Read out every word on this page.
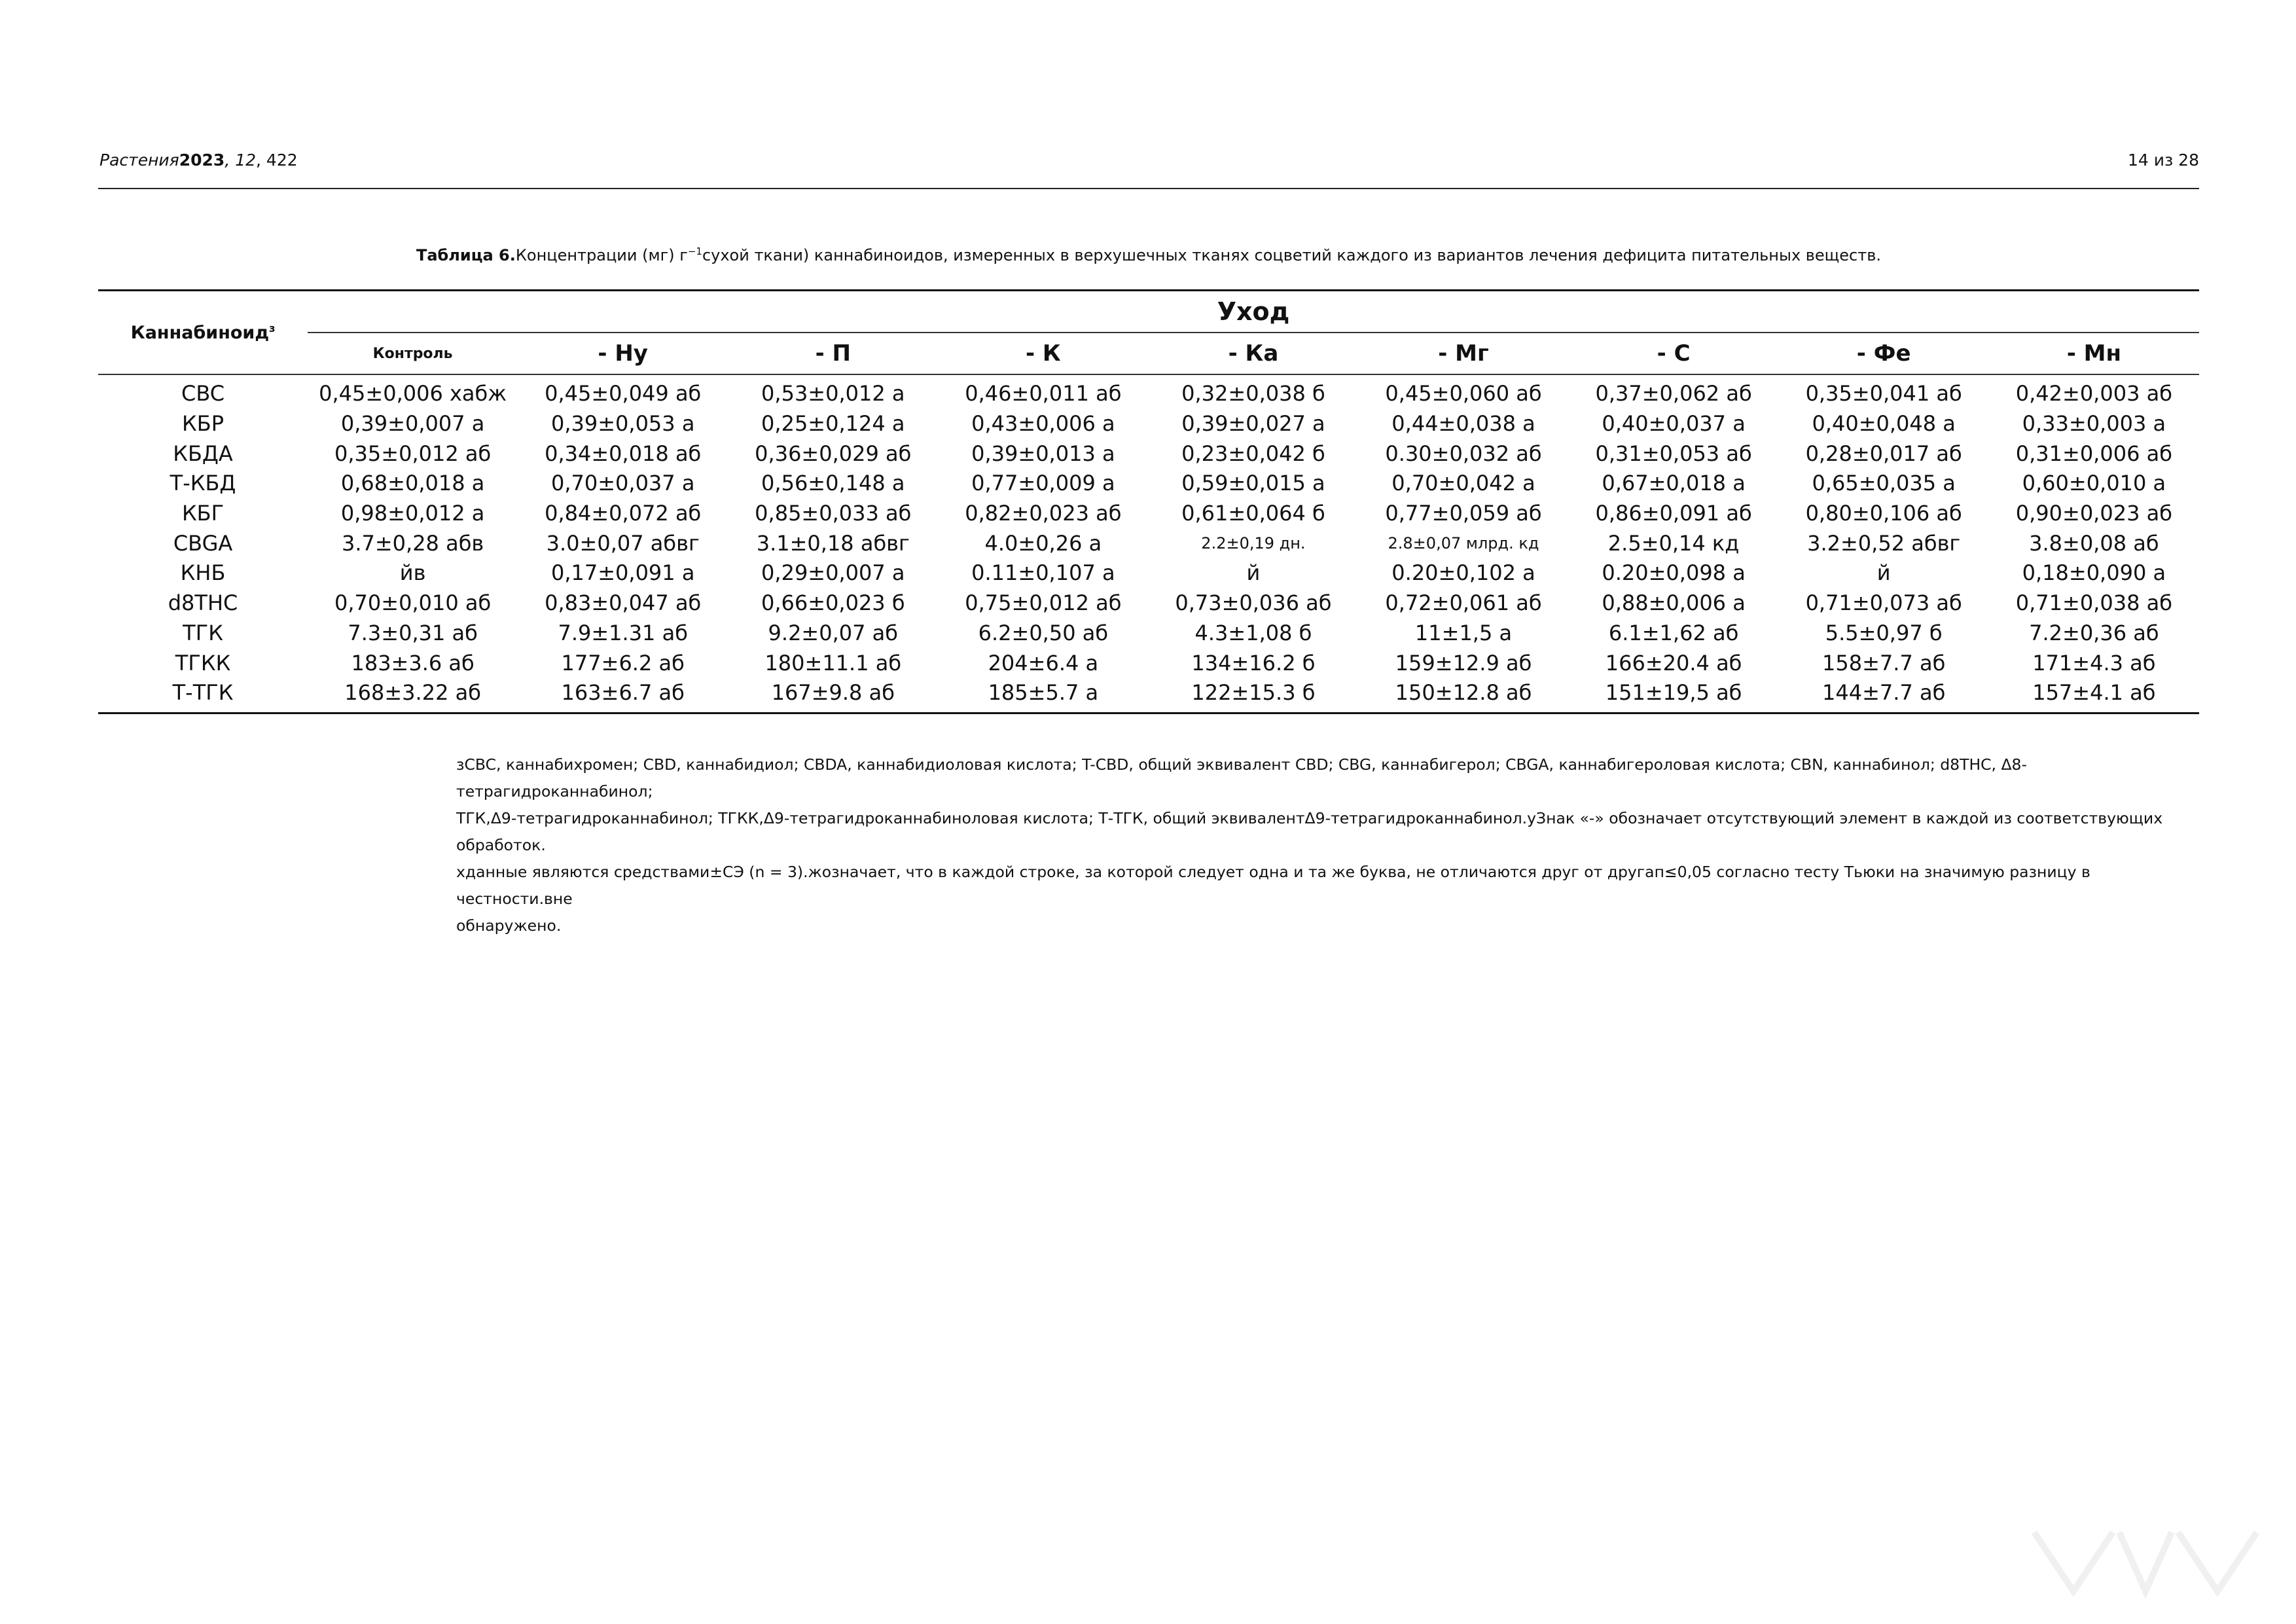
Растения2023, 12, 422	14 из 28
Таблица 6.Концентрации (мг) $г^{-1}сухой$ ткани) каннабиноидов, измеренных в верхушечных тканях соцветий каждого из вариантов лечения дефицита питательных веществ.
Каннабиноид$^з$	Уход								
	Контроль	- Ну	- П	- К	- Ка	- Мг	- С	- Фе	- Мн
CBC	0,45±0,006 хабж	0,45±0,049 аб	0,53±0,012 а	0,46±0,011 аб	0,32±0,038 б	0,45±0,060 аб	0,37±0,062 аб	0,35±0,041 аб	0,42±0,003 аб
КБР	0,39±0,007 а	0,39±0,053 а	0,25±0,124 а	0,43±0,006 а	0,39±0,027 а	0,44±0,038 а	0,40±0,037 а	0,40±0,048 а	0,33±0,003 а
КБДА	0,35±0,012 аб	0,34±0,018 аб	0,36±0,029 аб	0,39±0,013 а	0,23±0,042 б	0.30±0,032 аб	0,31±0,053 аб	0,28±0,017 аб	0,31±0,006 аб
Т-КБД	0,68±0,018 а	0,70±0,037 а	0,56±0,148 а	0,77±0,009 а	0,59±0,015 а	0,70±0,042 а	0,67±0,018 а	0,65±0,035 а	0,60±0,010 а
КБГ	0,98±0,012 а	0,84±0,072 аб	0,85±0,033 аб	0,82±0,023 аб	0,61±0,064 б	0,77±0,059 аб	0,86±0,091 аб	0,80±0,106 аб	0,90±0,023 аб
CBGA	3.7±0,28 абв	3.0±0,07 абвг	3.1±0,18 абвг	4.0±0,26 а	2.2±0,19 дн.	2.8±0,07 млрд. кд	2.5±0,14 кд	3.2±0,52 абвг	3.8±0,08 аб
КНБ	йв	0,17±0,091 а	0,29±0,007 а	0.11±0,107 а	й	0.20±0,102 а	0.20±0,098 а	й	0,18±0,090 а
d8THC	0,70±0,010 аб	0,83±0,047 аб	0,66±0,023 б	0,75±0,012 аб	0,73±0,036 аб	0,72±0,061 аб	0,88±0,006 а	0,71±0,073 аб	0,71±0,038 аб
ТГК	7.3±0,31 аб	7.9±1.31 аб	9.2±0,07 аб	6.2±0,50 аб	4.3±1,08 б	11±1,5 а	6.1±1,62 аб	5.5±0,97 б	7.2±0,36 аб
ТГКК	183±3.6 аб	177±6.2 аб	180±11.1 аб	204±6.4 а	134±16.2 б	159±12.9 аб	166±20.4 аб	158±7.7 аб	171±4.3 аб
Т-ТГК	168±3.22 аб	163±6.7 аб	167±9.8 аб	185±5.7 а	122±15.3 б	150±12.8 аб	151±19,5 аб	144±7.7 аб	157±4.1 аб
зCBC, каннабихромен; CBD, каннабидиол; CBDA, каннабидиоловая кислота; T-CBD, общий эквивалент CBD; CBG, каннабигерол; CBGA, каннабигероловая кислота; CBN, каннабинол; d8THC, Δ8-тетрагидроканнабинол;
ТГК,Δ9-тетрагидроканнабинол; ТГКК,Δ9-тетрагидроканнабиноловая кислота; Т-ТГК, общий эквивалентΔ9-тетрагидроканнабинол.уЗнак «-» обозначает отсутствующий элемент в каждой из соответствующих обработок.
хданные являются средствами±СЭ (n = 3).жозначает, что в каждой строке, за которой следует одна и та же буква, не отличаются друг от другап≤0,05 согласно тесту Тьюки на значимую разницу в честности.вне
обнаружено.
